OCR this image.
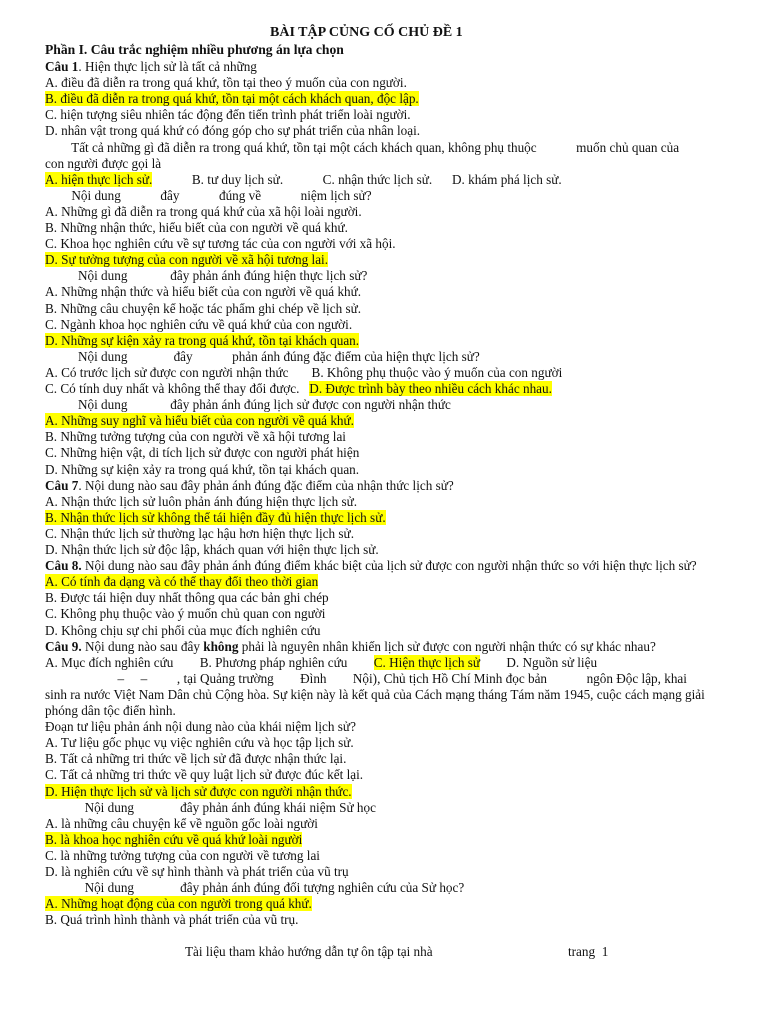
BÀI TẬP CỦNG CỐ CHỦ ĐỀ 1
Phần I. Câu trắc nghiệm nhiều phương án lựa chọn
Câu 1. Hiện thực lịch sử là tất cả những
A. điều đã diễn ra trong quá khứ, tồn tại theo ý muốn của con người.
B. điều đã diễn ra trong quá khứ, tồn tại một cách khách quan, độc lập.
C. hiện tượng siêu nhiên tác động đến tiến trình phát triển loài người.
D. nhân vật trong quá khứ có đóng góp cho sự phát triển của nhân loại.
Tất cả những gì đã diễn ra trong quá khứ, tồn tại một cách khách quan, không phụ thuộc            muốn chủ quan của
con người được gọi là
A. hiện thực lịch sử.            B. tư duy lịch sử.            C. nhận thức lịch sử.      D. khám phá lịch sử.
Nội dung            đây            đúng về            niệm lịch sử?
A. Những gì đã diễn ra trong quá khứ của xã hội loài người.
B. Những nhận thức, hiểu biết của con người về quá khứ.
C. Khoa học nghiên cứu về sự tương tác của con người với xã hội.
D. Sự tưởng tượng của con người về xã hội tương lai.
Nội dung             đây phản ánh đúng hiện thực lịch sử?
A. Những nhận thức và hiểu biết của con người về quá khứ.
B. Những câu chuyện kể hoặc tác phẩm ghi chép về lịch sử.
C. Ngành khoa học nghiên cứu về quá khứ của con người.
D. Những sự kiện xảy ra trong quá khứ, tồn tại khách quan.
Nội dung              đây            phản ánh đúng đặc điểm của hiện thực lịch sử?
A. Có trước lịch sử được con người nhận thức       B. Không phụ thuộc vào ý muốn của con người
C. Có tính duy nhất và không thể thay đổi được.   D. Được trình bày theo nhiều cách khác nhau.
Nội dung             đây phản ánh đúng lịch sử được con người nhận thức
A. Những suy nghĩ và hiểu biết của con người về quá khứ.
B. Những tưởng tượng của con người về xã hội tương lai
C. Những hiện vật, di tích lịch sử được con người phát hiện
D. Những sự kiện xảy ra trong quá khứ, tồn tại khách quan.
Câu 7. Nội dung nào sau đây phản ánh đúng đặc điểm của nhận thức lịch sử?
A. Nhận thức lịch sử luôn phản ánh đúng hiện thực lịch sử.
B. Nhận thức lịch sử không thể tái hiện đầy đủ hiện thực lịch sử.
C. Nhận thức lịch sử thường lạc hậu hơn hiện thực lịch sử.
D. Nhận thức lịch sử độc lập, khách quan với hiện thực lịch sử.
Câu 8. Nội dung nào sau đây phản ánh đúng điểm khác biệt của lịch sử được con người nhận thức so với hiện thực lịch sử?
A. Có tính đa dạng và có thể thay đổi theo thời gian
B. Được tái hiện duy nhất thông qua các bản ghi chép
C. Không phụ thuộc vào ý muốn chủ quan con người
D. Không chịu sự chi phối của mục đích nghiên cứu
Câu 9. Nội dung nào sau đây không phải là nguyên nhân khiến lịch sử được con người nhận thức có sự khác nhau?
A. Mục đích nghiên cứu        B. Phương pháp nghiên cứu        C. Hiện thực lịch sử        D. Nguồn sử liệu
–     –         , tại Quảng trường        Đình        Nội), Chủ tịch Hồ Chí Minh đọc bản            ngôn Độc lập, khai
sinh ra nước Việt Nam Dân chủ Cộng hòa. Sự kiện này là kết quả của Cách mạng tháng Tám năm 1945, cuộc cách mạng giải
phóng dân tộc điển hình.
Đoạn tư liệu phản ánh nội dung nào của khái niệm lịch sử?
A. Tư liệu gốc phục vụ việc nghiên cứu và học tập lịch sử.
B. Tất cả những tri thức về lịch sử đã được nhận thức lại.
C. Tất cả những tri thức về quy luật lịch sử được đúc kết lại.
D. Hiện thực lịch sử và lịch sử được con người nhận thức.
Nội dung              đây phản ánh đúng khái niệm Sử học
A. là những câu chuyện kể về nguồn gốc loài người
B. là khoa học nghiên cứu về quá khứ loài người
C. là những tưởng tượng của con người về tương lai
D. là nghiên cứu về sự hình thành và phát triển của vũ trụ
Nội dung              đây phản ánh đúng đối tượng nghiên cứu của Sử học?
A. Những hoạt động của con người trong quá khứ.
B. Quá trình hình thành và phát triển của vũ trụ.
Tài liệu tham khảo hướng dẫn tự ôn tập tại nhà	trang  1
